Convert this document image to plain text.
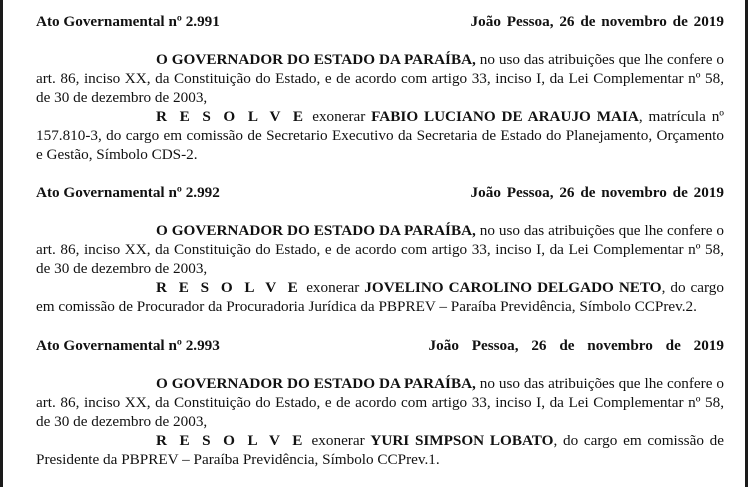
Ato Governamental nº 2.991	João Pessoa, 26 de novembro de 2019

O GOVERNADOR DO ESTADO DA PARAÍBA, no uso das atribuições que lhe confere o art. 86, inciso XX, da Constituição do Estado, e de acordo com artigo 33, inciso I, da Lei Complementar nº 58, de 30 de dezembro de 2003,

R E S O L V E exonerar FABIO LUCIANO DE ARAUJO MAIA, matrícula nº 157.810-3, do cargo em comissão de Secretario Executivo da Secretaria de Estado do Planejamento, Orçamento e Gestão, Símbolo CDS-2.

Ato Governamental nº 2.992	João Pessoa, 26 de novembro de 2019

O GOVERNADOR DO ESTADO DA PARAÍBA, no uso das atribuições que lhe confere o art. 86, inciso XX, da Constituição do Estado, e de acordo com artigo 33, inciso I, da Lei Complementar nº 58, de 30 de dezembro de 2003,

R E S O L V E exonerar JOVELINO CAROLINO DELGADO NETO, do cargo em comissão de Procurador da Procuradoria Jurídica da PBPREV – Paraíba Previdência, Símbolo CCPrev.2.

Ato Governamental nº 2.993	João Pessoa, 26 de novembro de 2019

O GOVERNADOR DO ESTADO DA PARAÍBA, no uso das atribuições que lhe confere o art. 86, inciso XX, da Constituição do Estado, e de acordo com artigo 33, inciso I, da Lei Complementar nº 58, de 30 de dezembro de 2003,

R E S O L V E exonerar YURI SIMPSON LOBATO, do cargo em comissão de Presidente da PBPREV – Paraíba Previdência, Símbolo CCPrev.1.
